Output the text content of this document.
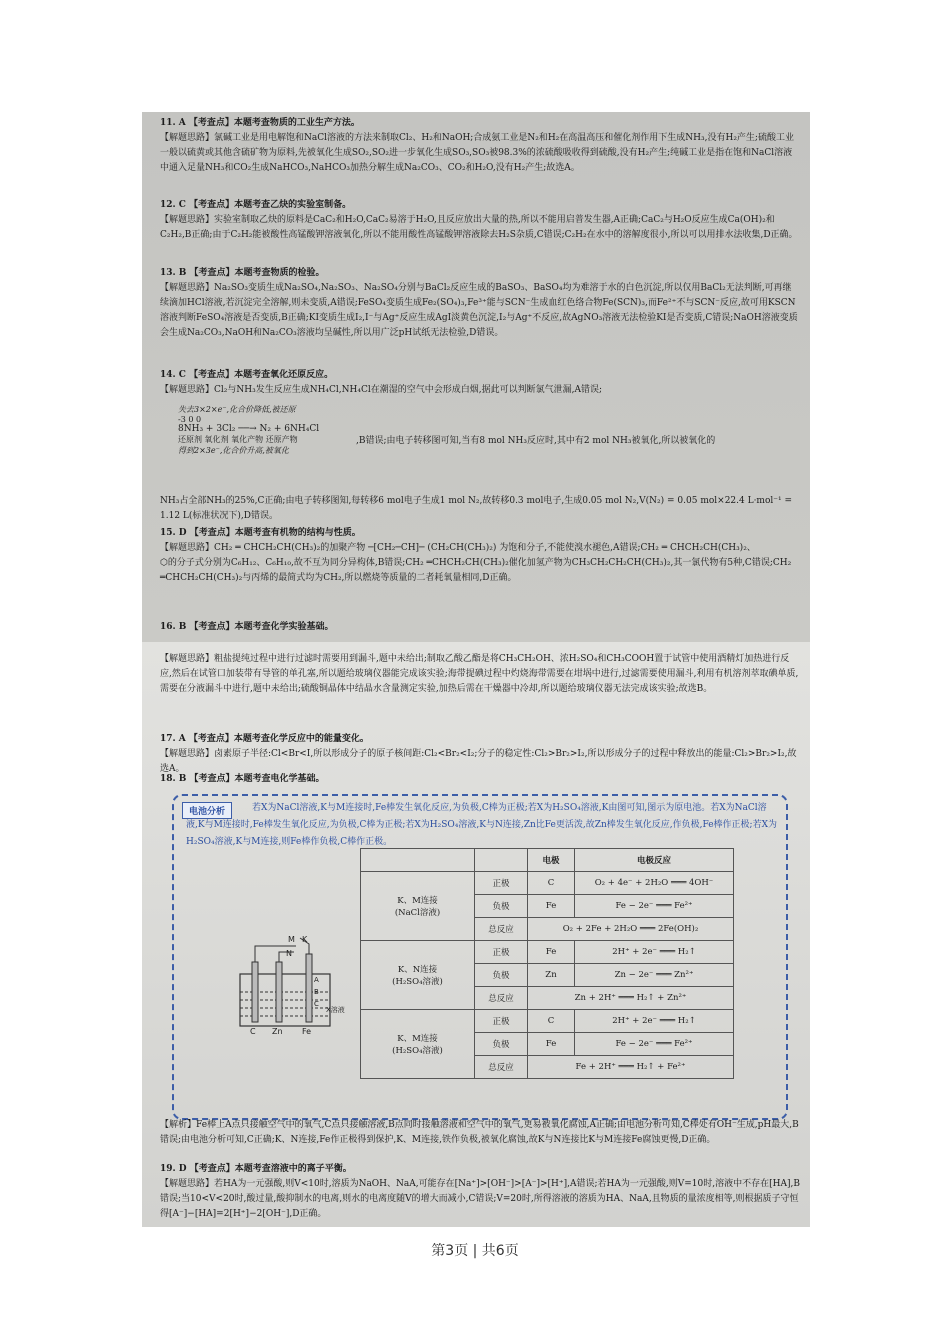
11. A 【考查点】本题考查物质的工业生产方法。

【解题思路】氯碱工业是用电解饱和NaCl溶液的方法来制取Cl₂、H₂和NaOH;合成氨工业是N₂和H₂在高温高压和催化剂作用下生成NH₃,没有H₂产生;硫酸工业一般以硫黄或其他含硫矿物为原料,先被氧化生成SO₂,SO₂进一步氧化生成SO₃,SO₃被98.3%的浓硫酸吸收得到硫酸,没有H₂产生;纯碱工业是指在饱和NaCl溶液中通入足量NH₃和CO₂生成NaHCO₃,NaHCO₃加热分解生成Na₂CO₃、CO₂和H₂O,没有H₂产生;故选A。

12. C 【考查点】本题考查乙炔的实验室制备。

【解题思路】实验室制取乙炔的原料是CaC₂和H₂O,CaC₂易溶于H₂O,且反应放出大量的热,所以不能用启普发生器,A正确;CaC₂与H₂O反应生成Ca(OH)₂和C₂H₂,B正确;由于C₂H₂能被酸性高锰酸钾溶液氧化,所以不能用酸性高锰酸钾溶液除去H₂S杂质,C错误;C₂H₂在水中的溶解度很小,所以可以用排水法收集,D正确。

13. B 【考查点】本题考查物质的检验。

【解题思路】Na₂SO₃变质生成Na₂SO₄,Na₂SO₃、Na₂SO₄分别与BaCl₂反应生成的BaSO₃、BaSO₄均为难溶于水的白色沉淀,所以仅用BaCl₂无法判断,可再继续滴加HCl溶液,若沉淀完全溶解,则未变质,A错误;FeSO₄变质生成Fe₂(SO₄)₃,Fe³⁺能与SCN⁻生成血红色络合物Fe(SCN)₃,而Fe²⁺不与SCN⁻反应,故可用KSCN溶液判断FeSO₄溶液是否变质,B正确;KI变质生成I₂,I⁻与Ag⁺反应生成AgI淡黄色沉淀,I₂与Ag⁺不反应,故AgNO₃溶液无法检验KI是否变质,C错误;NaOH溶液变质会生成Na₂CO₃,NaOH和Na₂CO₃溶液均呈碱性,所以用广泛pH试纸无法检验,D错误。

14. C 【考查点】本题考查氧化还原反应。

【解题思路】Cl₂与NH₃发生反应生成NH₄Cl,NH₄Cl在潮湿的空气中会形成白烟,据此可以判断氯气泄漏,A错误;

失去3×2×e⁻,化合价降低,被还原
-3 0 0
8NH₃ + 3Cl₂ ──→ N₂ + 6NH₄Cl
还原剂 氧化剂 氧化产物 还原产物
得到2×3e⁻,化合价升高,被氧化

,B错误;由电子转移图可知,当有8 mol NH₃反应时,其中有2 mol NH₃被氧化,所以被氧化的

NH₃占全部NH₃的25%,C正确;由电子转移图知,每转移6 mol电子生成1 mol N₂,故转移0.3 mol电子,生成0.05 mol N₂,V(N₂) = 0.05 mol×22.4 L·mol⁻¹ = 1.12 L(标准状况下),D错误。

15. D 【考查点】本题考查有机物的结构与性质。

【解题思路】CH₂ ═ CHCH₂CH(CH₃)₂的加聚产物 ─[CH₂─CH]─ (CH₂CH(CH₃)₂) 为饱和分子,不能使溴水褪色,A错误;CH₂ ═ CHCH₂CH(CH₃)₂、

⬡的分子式分别为C₆H₁₂、C₆H₁₀,故不互为同分异构体,B错误;CH₂ ═CHCH₂CH(CH₃)₂催化加氢产物为CH₃CH₂CH₂CH(CH₃)₂,其一氯代物有5种,C错误;CH₂ ═CHCH₂CH(CH₃)₂与丙烯的最简式均为CH₂,所以燃烧等质量的二者耗氧量相同,D正确。

16. B 【考查点】本题考查化学实验基础。

【解题思路】粗盐提纯过程中进行过滤时需要用到漏斗,题中未给出;制取乙酸乙酯是将CH₃CH₂OH、浓H₂SO₄和CH₃COOH置于试管中使用酒精灯加热进行反应,然后在试管口加装带有导管的单孔塞,所以题给玻璃仪器能完成该实验;海带提碘过程中灼烧海带需要在坩埚中进行,过滤需要使用漏斗,利用有机溶剂萃取碘单质,需要在分液漏斗中进行,题中未给出;硫酸铜晶体中结晶水含量测定实验,加热后需在干燥器中冷却,所以题给玻璃仪器无法完成该实验;故选B。

17. A 【考查点】本题考查化学反应中的能量变化。

【解题思路】卤素原子半径:Cl<Br<I,所以形成分子的原子核间距:Cl₂<Br₂<I₂;分子的稳定性:Cl₂>Br₂>I₂,所以形成分子的过程中释放出的能量:Cl₂>Br₂>I₂,故选A。

18. B 【考查点】本题考查电化学基础。

电池分析	若X为NaCl溶液,K与M连接时,Fe棒发生氧化反应,为负极,C棒为正极;若X为H₂SO₄溶液,K由图可知,图示为原电池。若X为NaCl溶液,K与M连接时,Fe棒发生氧化反应,为负极,C棒为正极;若X为H₂SO₄溶液,K与N连接,Zn比Fe更活泼,故Zn棒发生氧化反应,作负极,Fe棒作正极;若X为H₂SO₄溶液,K与M连接,则Fe棒作负极,C棒作正极。
M K
N
A
B
C
X溶液
C Zn Fe
		电极	电极反应

K、M连接
(NaCl溶液)	正极	C	O₂ + 4e⁻ + 2H₂O ═══ 4OH⁻
	负极	Fe	Fe − 2e⁻ ═══ Fe²⁺
	总反应	O₂ + 2Fe + 2H₂O ═══ 2Fe(OH)₂	

K、N连接
(H₂SO₄溶液)	正极	Fe	2H⁺ + 2e⁻ ═══ H₂↑
	负极	Zn	Zn − 2e⁻ ═══ Zn²⁺
	总反应	Zn + 2H⁺ ═══ H₂↑ + Zn²⁺	

K、M连接
(H₂SO₄溶液)	正极	C	2H⁺ + 2e⁻ ═══ H₂↑
	负极	Fe	Fe − 2e⁻ ═══ Fe²⁺
	总反应	Fe + 2H⁺ ═══ H₂↑ + Fe²⁺	

【解析】Fe棒上A点只接触空气中的氧气,C点只接触溶液,B点同时接触溶液和空气中的氧气,更易被氧化腐蚀,A正确;由电池分析可知,C棒处有OH⁻生成,pH最大,B错误;由电池分析可知,C正确;K、N连接,Fe作正极得到保护,K、M连接,铁作负极,被氧化腐蚀,故K与N连接比K与M连接Fe腐蚀更慢,D正确。

19. D 【考查点】本题考查溶液中的离子平衡。

【解题思路】若HA为一元强酸,则V<10时,溶质为NaOH、NaA,可能存在[Na⁺]>[OH⁻]>[A⁻]>[H⁺],A错误;若HA为一元强酸,则V=10时,溶液中不存在[HA],B错误;当10<V<20时,酸过量,酸抑制水的电离,则水的电离度随V的增大而减小,C错误;V=20时,所得溶液的溶质为HA、NaA,且物质的量浓度相等,则根据质子守恒得[A⁻]−[HA]=2[H⁺]−2[OH⁻],D正确。

第3页 | 共6页
